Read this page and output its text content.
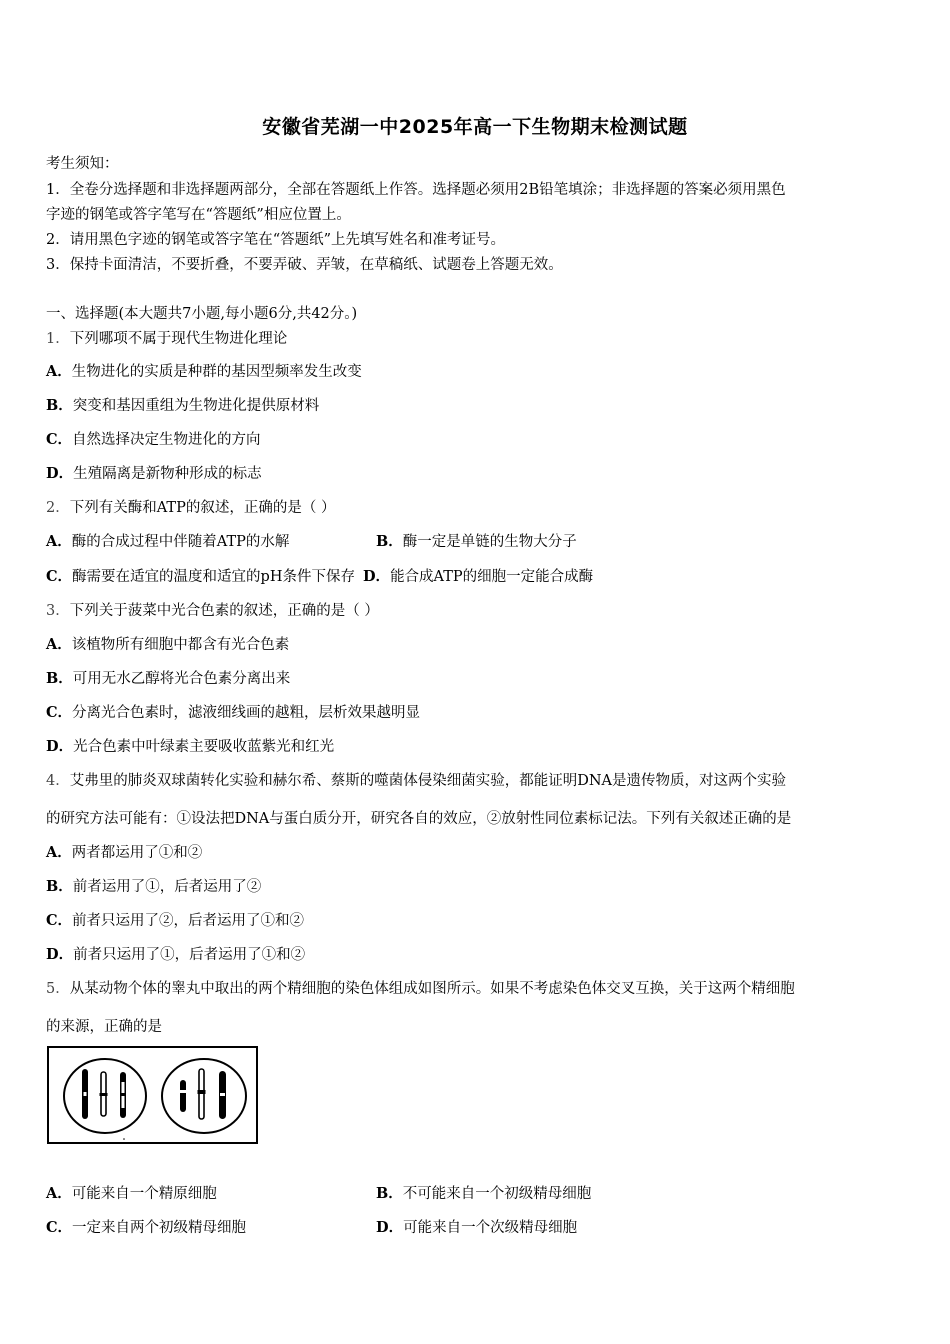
安徽省芜湖一中2025年高一下生物期末检测试题
考生须知：
1．全卷分选择题和非选择题两部分，全部在答题纸上作答。选择题必须用2B铅笔填涂；非选择题的答案必须用黑色
字迹的钢笔或答字笔写在“答题纸”相应位置上。
2．请用黑色字迹的钢笔或答字笔在“答题纸”上先填写姓名和准考证号。
3．保持卡面清洁，不要折叠，不要弄破、弄皱，在草稿纸、试题卷上答题无效。
一、选择题(本大题共7小题,每小题6分,共42分。)
1．下列哪项不属于现代生物进化理论
A．生物进化的实质是种群的基因型频率发生改变
B．突变和基因重组为生物进化提供原材料
C．自然选择决定生物进化的方向
D．生殖隔离是新物种形成的标志
2．下列有关酶和ATP的叙述，正确的是（ ）
A．酶的合成过程中伴随着ATP的水解	B．酶一定是单链的生物大分子
C．酶需要在适宜的温度和适宜的pH条件下保存 D．能合成ATP的细胞一定能合成酶
3．下列关于菠菜中光合色素的叙述，正确的是（ ）
A．该植物所有细胞中都含有光合色素
B．可用无水乙醇将光合色素分离出来
C．分离光合色素时，滤液细线画的越粗，层析效果越明显
D．光合色素中叶绿素主要吸收蓝紫光和红光
4．艾弗里的肺炎双球菌转化实验和赫尔希、蔡斯的噬菌体侵染细菌实验，都能证明DNA是遗传物质，对这两个实验
的研究方法可能有：①设法把DNA与蛋白质分开，研究各自的效应，②放射性同位素标记法。下列有关叙述正确的是
A．两者都运用了①和②
B．前者运用了①，后者运用了②
C．前者只运用了②，后者运用了①和②
D．前者只运用了①，后者运用了①和②
5．从某动物个体的睾丸中取出的两个精细胞的染色体组成如图所示。如果不考虑染色体交叉互换，关于这两个精细胞
的来源，正确的是
A．可能来自一个精原细胞	B．不可能来自一个初级精母细胞
C．一定来自两个初级精母细胞	D．可能来自一个次级精母细胞
